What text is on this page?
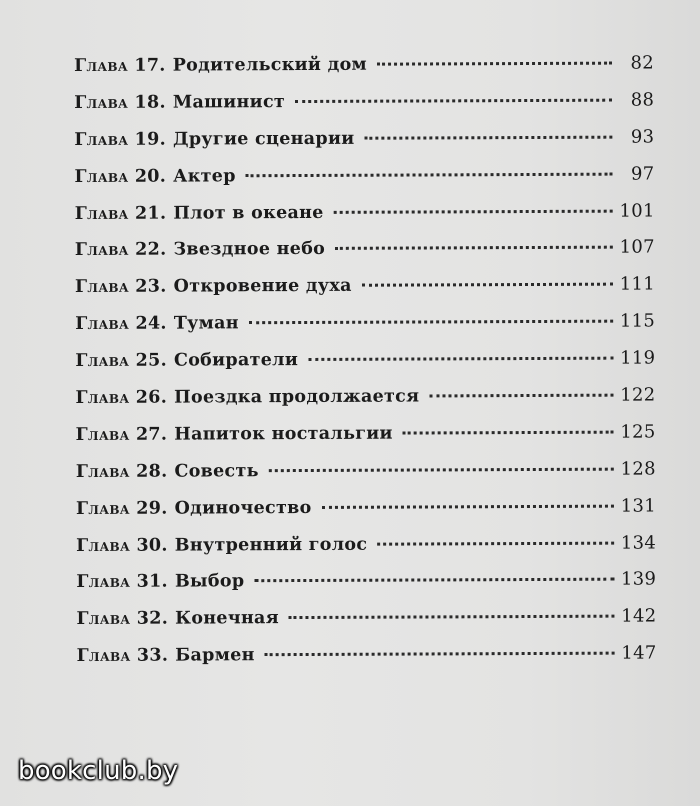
Глава 17. Родительский дом	82
Глава 18. Машинист	88
Глава 19. Другие сценарии	93
Глава 20. Актер	97
Глава 21. Плот в океане	101
Глава 22. Звездное небо	107
Глава 23. Откровение духа	111
Глава 24. Туман	115
Глава 25. Собиратели	119
Глава 26. Поездка продолжается	122
Глава 27. Напиток ностальгии	125
Глава 28. Совесть	128
Глава 29. Одиночество	131
Глава 30. Внутренний голос	134
Глава 31. Выбор	139
Глава 32. Конечная	142
Глава 33. Бармен	147
bookclub.by
